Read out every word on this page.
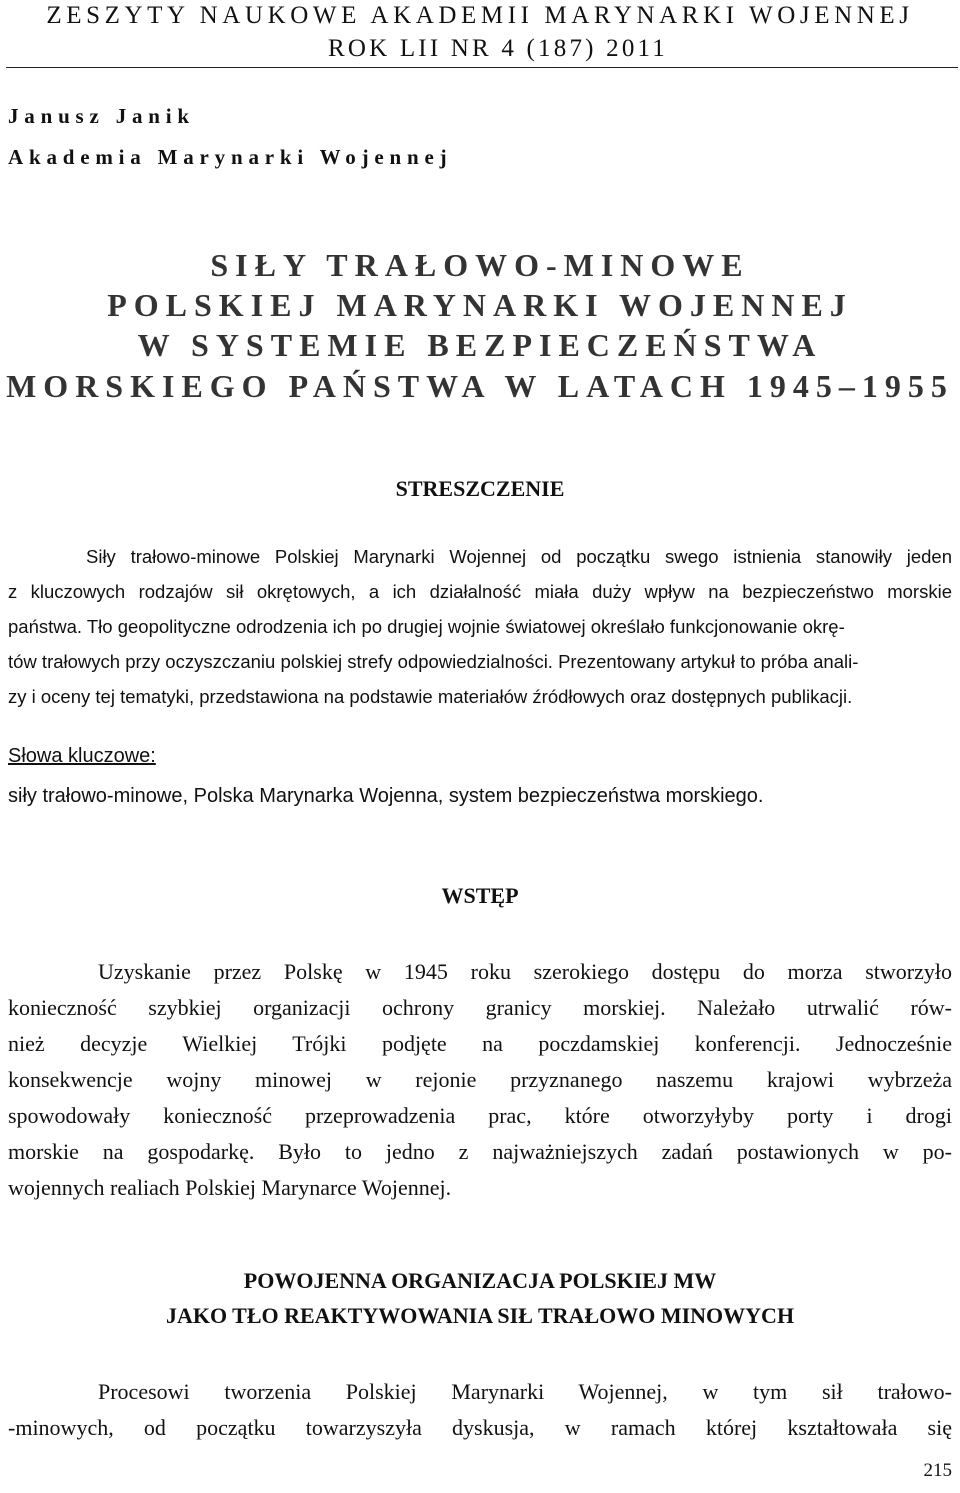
ZESZYTY NAUKOWE AKADEMII MARYNARKI WOJENNEJ
ROK LII NR 4 (187) 2011
Janusz Janik
Akademia Marynarki Wojennej
SIŁY TRAŁOWO-MINOWE
POLSKIEJ MARYNARKI WOJENNEJ
W SYSTEMIE BEZPIECZEŃSTWA
MORSKIEGO PAŃSTWA W LATACH 1945–1955
STRESZCZENIE
Siły trałowo-minowe Polskiej Marynarki Wojennej od początku swego istnienia stanowiły jeden
z kluczowych rodzajów sił okrętowych, a ich działalność miała duży wpływ na bezpieczeństwo morskie
państwa. Tło geopolityczne odrodzenia ich po drugiej wojnie światowej określało funkcjonowanie okrę-
tów trałowych przy oczyszczaniu polskiej strefy odpowiedzialności. Prezentowany artykuł to próba anali-
zy i oceny tej tematyki, przedstawiona na podstawie materiałów źródłowych oraz dostępnych publikacji.
Słowa kluczowe:
siły trałowo-minowe, Polska Marynarka Wojenna, system bezpieczeństwa morskiego.
WSTĘP
Uzyskanie przez Polskę w 1945 roku szerokiego dostępu do morza stworzyło
konieczność szybkiej organizacji ochrony granicy morskiej. Należało utrwalić rów-
nież decyzje Wielkiej Trójki podjęte na poczdamskiej konferencji. Jednocześnie
konsekwencje wojny minowej w rejonie przyznanego naszemu krajowi wybrzeża
spowodowały konieczność przeprowadzenia prac, które otworzyłyby porty i drogi
morskie na gospodarkę. Było to jedno z najważniejszych zadań postawionych w po-
wojennych realiach Polskiej Marynarce Wojennej.
POWOJENNA ORGANIZACJA POLSKIEJ MW
JAKO TŁO REAKTYWOWANIA SIŁ TRAŁOWO MINOWYCH
Procesowi tworzenia Polskiej Marynarki Wojennej, w tym sił trałowo-
-minowych, od początku towarzyszyła dyskusja, w ramach której kształtowała się
215
